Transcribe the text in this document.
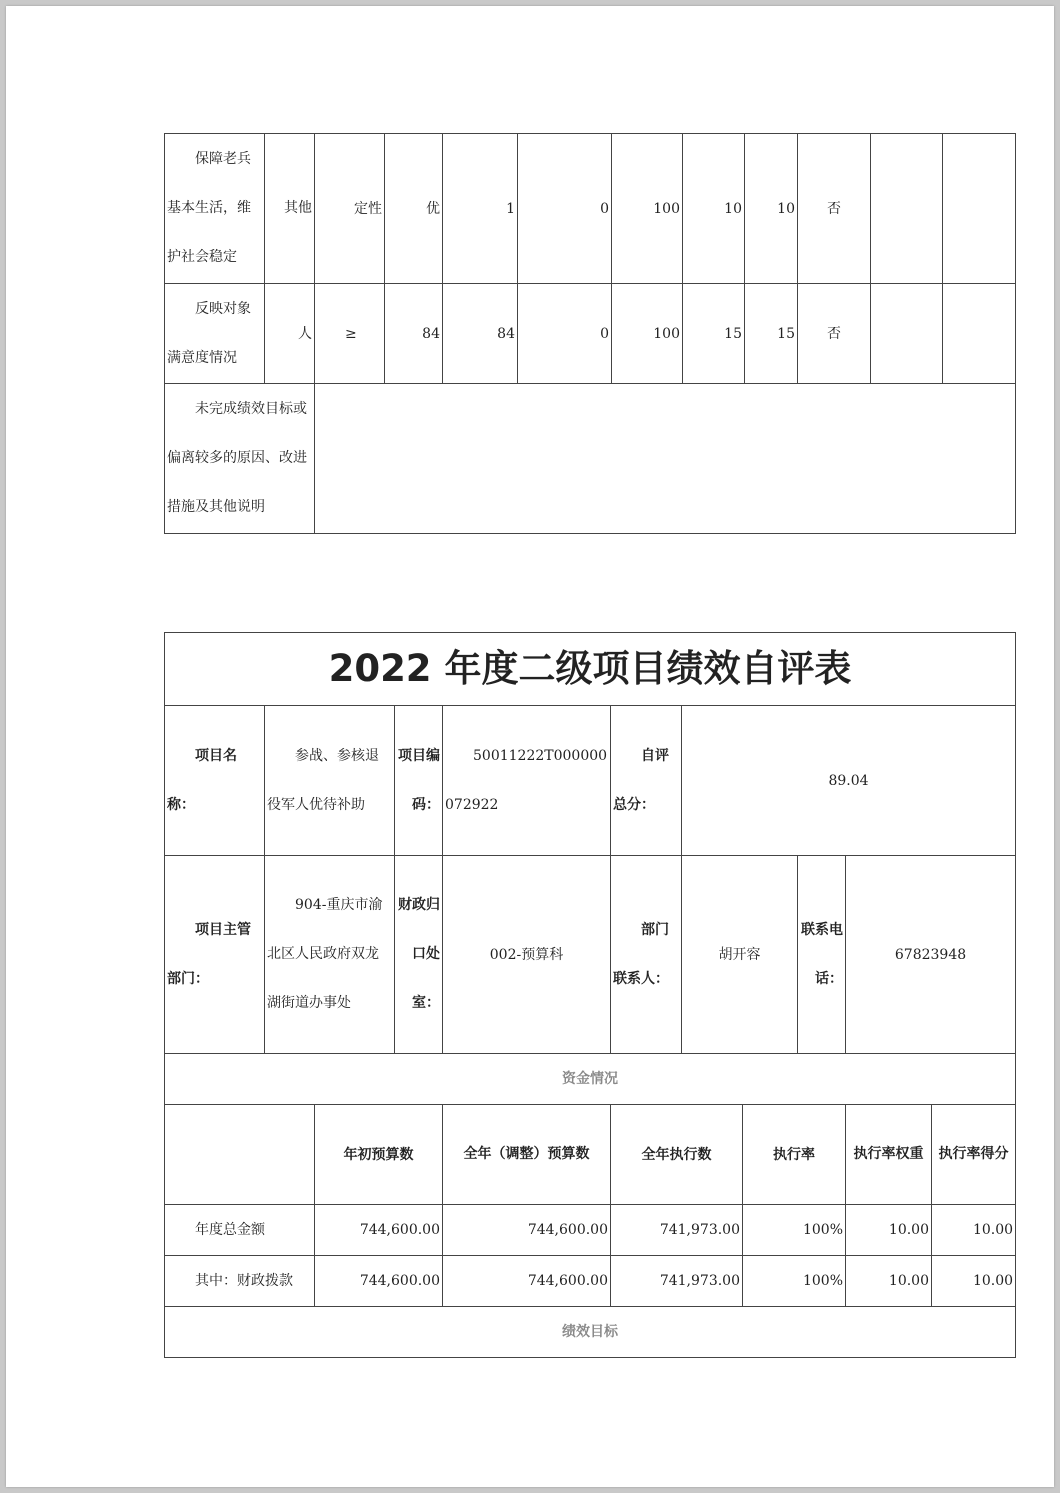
保障老兵基本生活，维护社会稳定	其他	定性	优	1	0	100	10	10	否		
反映对象满意度情况	人	≥	84	84	0	100	15	15	否		
未完成绩效目标或偏离较多的原因、改进措施及其他说明											
2022 年度二级项目绩效自评表										
项目名称：	参战、参核退役军人优待补助		项目编码：	50011222T000000072922	自评总分：	89.04				
项目主管部门：	904-重庆市渝北区人民政府双龙湖街道办事处		财政归口处室：	002-预算科	部门联系人：	胡开容		联系电话：	67823948	
资金情况										
		年初预算数		全年（调整）预算数	全年执行数		执行率		执行率权重	执行率得分
年度总金额		744,600.00		744,600.00	741,973.00		100%		10.00	10.00
其中：财政拨款		744,600.00		744,600.00	741,973.00		100%		10.00	10.00
绩效目标										
